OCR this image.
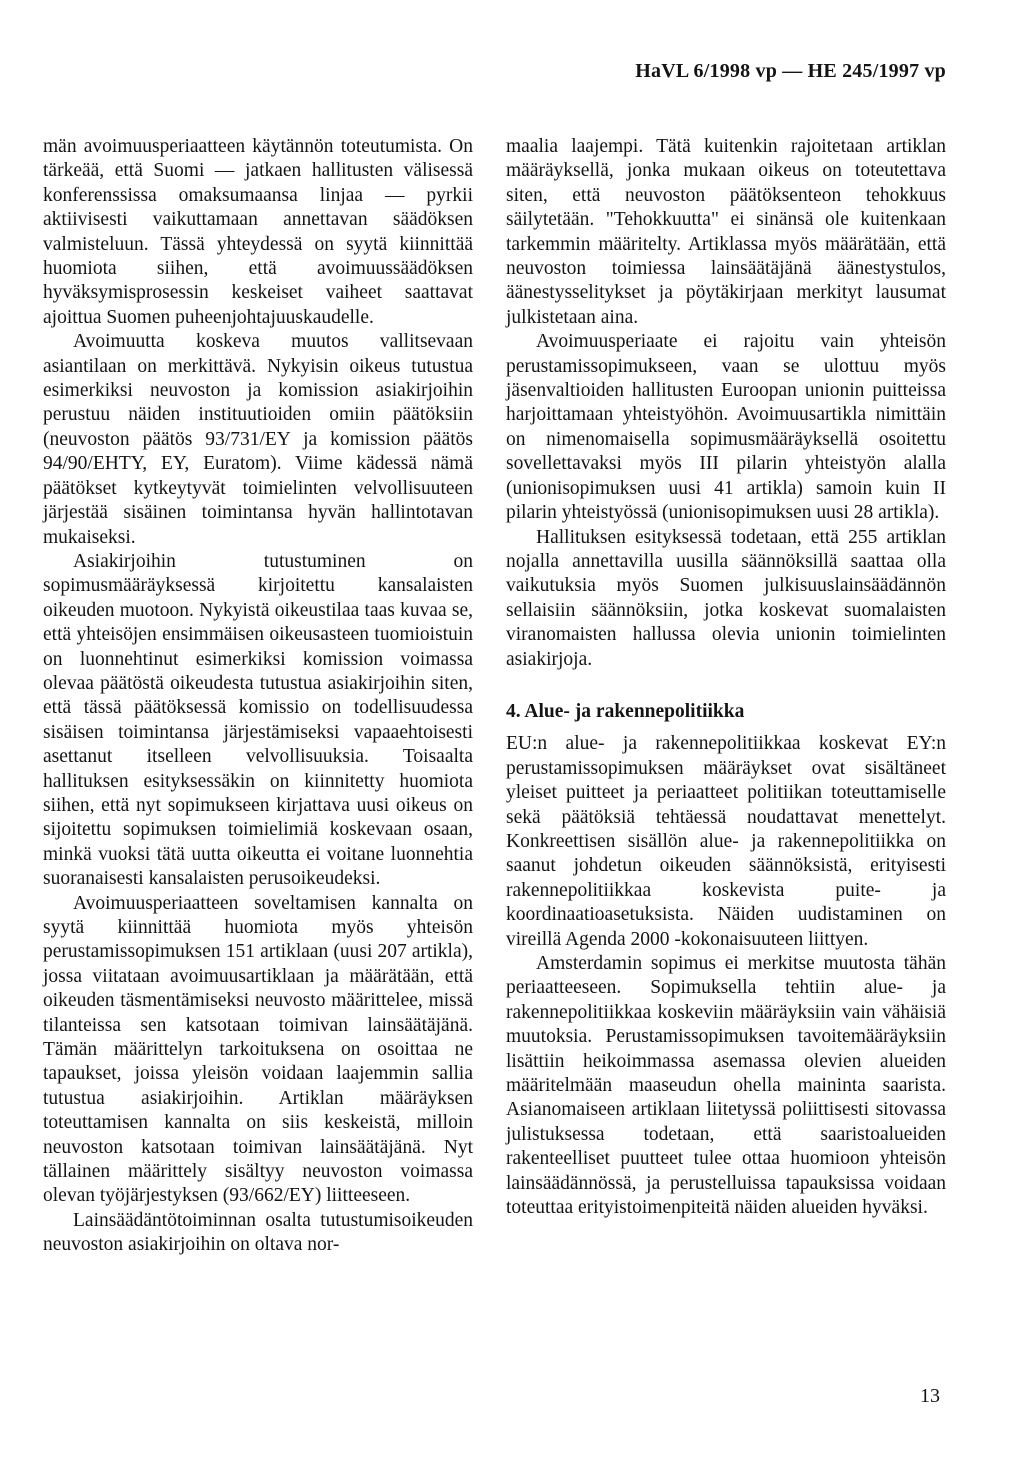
HaVL 6/1998 vp — HE 245/1997 vp

män avoimuusperiaatteen käytännön toteutumista. On tärkeää, että Suomi — jatkaen hallitusten välisessä konferenssissa omaksumaansa linjaa — pyrkii aktiivisesti vaikuttamaan annettavan säädöksen valmisteluun. Tässä yhteydessä on syytä kiinnittää huomiota siihen, että avoimuussäädöksen hyväksymisprosessin keskeiset vaiheet saattavat ajoittua Suomen puheenjohtajuuskaudelle.

Avoimuutta koskeva muutos vallitsevaan asiantilaan on merkittävä. Nykyisin oikeus tutustua esimerkiksi neuvoston ja komission asiakirjoihin perustuu näiden instituutioiden omiin päätöksiin (neuvoston päätös 93/731/EY ja komission päätös 94/90/EHTY, EY, Euratom). Viime kädessä nämä päätökset kytkeytyvät toimielinten velvollisuuteen järjestää sisäinen toimintansa hyvän hallintotavan mukaiseksi.

Asiakirjoihin tutustuminen on sopimusmääräyksessä kirjoitettu kansalaisten oikeuden muotoon. Nykyistä oikeustilaa taas kuvaa se, että yhteisöjen ensimmäisen oikeusasteen tuomioistuin on luonnehtinut esimerkiksi komission voimassa olevaa päätöstä oikeudesta tutustua asiakirjoihin siten, että tässä päätöksessä komissio on todellisuudessa sisäisen toimintansa järjestämiseksi vapaaehtoisesti asettanut itselleen velvollisuuksia. Toisaalta hallituksen esityksessäkin on kiinnitetty huomiota siihen, että nyt sopimukseen kirjattava uusi oikeus on sijoitettu sopimuksen toimielimiä koskevaan osaan, minkä vuoksi tätä uutta oikeutta ei voitane luonnehtia suoranaisesti kansalaisten perusoikeudeksi.

Avoimuusperiaatteen soveltamisen kannalta on syytä kiinnittää huomiota myös yhteisön perustamissopimuksen 151 artiklaan (uusi 207 artikla), jossa viitataan avoimuusartiklaan ja määrätään, että oikeuden täsmentämiseksi neuvosto määrittelee, missä tilanteissa sen katsotaan toimivan lainsäätäjänä. Tämän määrittelyn tarkoituksena on osoittaa ne tapaukset, joissa yleisön voidaan laajemmin sallia tutustua asiakirjoihin. Artiklan määräyksen toteuttamisen kannalta on siis keskeistä, milloin neuvoston katsotaan toimivan lainsäätäjänä. Nyt tällainen määrittely sisältyy neuvoston voimassa olevan työjärjestyksen (93/662/EY) liitteeseen.

Lainsäädäntötoiminnan osalta tutustumisoikeuden neuvoston asiakirjoihin on oltava nor-

maalia laajempi. Tätä kuitenkin rajoitetaan artiklan määräyksellä, jonka mukaan oikeus on toteutettava siten, että neuvoston päätöksenteon tehokkuus säilytetään. "Tehokkuutta" ei sinänsä ole kuitenkaan tarkemmin määritelty. Artiklassa myös määrätään, että neuvoston toimiessa lainsäätäjänä äänestystulos, äänestysselitykset ja pöytäkirjaan merkityt lausumat julkistetaan aina.

Avoimuusperiaate ei rajoitu vain yhteisön perustamissopimukseen, vaan se ulottuu myös jäsenvaltioiden hallitusten Euroopan unionin puitteissa harjoittamaan yhteistyöhön. Avoimuusartikla nimittäin on nimenomaisella sopimusmääräyksellä osoitettu sovellettavaksi myös III pilarin yhteistyön alalla (unionisopimuksen uusi 41 artikla) samoin kuin II pilarin yhteistyössä (unionisopimuksen uusi 28 artikla).

Hallituksen esityksessä todetaan, että 255 artiklan nojalla annettavilla uusilla säännöksillä saattaa olla vaikutuksia myös Suomen julkisuuslainsäädännön sellaisiin säännöksiin, jotka koskevat suomalaisten viranomaisten hallussa olevia unionin toimielinten asiakirjoja.

4. Alue- ja rakennepolitiikka

EU:n alue- ja rakennepolitiikkaa koskevat EY:n perustamissopimuksen määräykset ovat sisältäneet yleiset puitteet ja periaatteet politiikan toteuttamiselle sekä päätöksiä tehtäessä noudattavat menettelyt. Konkreettisen sisällön alue- ja rakennepolitiikka on saanut johdetun oikeuden säännöksistä, erityisesti rakennepolitiikkaa koskevista puite- ja koordinaatioasetuksista. Näiden uudistaminen on vireillä Agenda 2000 -kokonaisuuteen liittyen.

Amsterdamin sopimus ei merkitse muutosta tähän periaatteeseen. Sopimuksella tehtiin alue- ja rakennepolitiikkaa koskeviin määräyksiin vain vähäisiä muutoksia. Perustamissopimuksen tavoitemääräyksiin lisättiin heikoimmassa asemassa olevien alueiden määritelmään maaseudun ohella maininta saarista. Asianomaiseen artiklaan liitetyssä poliittisesti sitovassa julistuksessa todetaan, että saaristoalueiden rakenteelliset puutteet tulee ottaa huomioon yhteisön lainsäädännössä, ja perustelluissa tapauksissa voidaan toteuttaa erityistoimenpiteitä näiden alueiden hyväksi.

13
